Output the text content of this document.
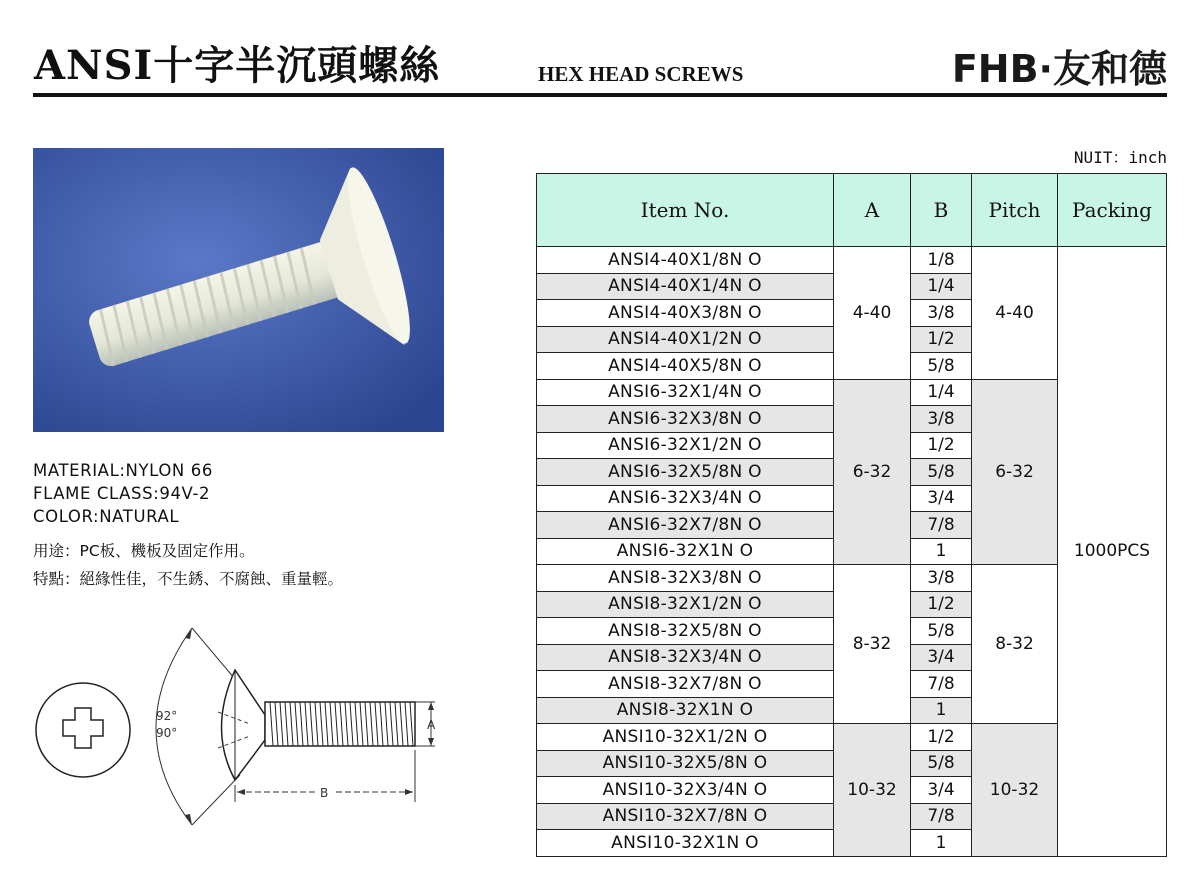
ANSI十字半沉頭螺絲	HEX HEAD SCREWS	FHB·友和德
MATERIAL:NYLON 66
FLAME CLASS:94V-2
COLOR:NATURAL
用途：PC板、機板及固定作用。
特點：絕緣性佳，不生銹、不腐蝕、重量輕。
92°
90°
A
B
NUIT：inch
Item No.	A	B	Pitch	Packing
ANSI4-40X1/8N O	4-40	1/8	4-40	1000PCS
ANSI4-40X1/4N O		1/4		
ANSI4-40X3/8N O		3/8		
ANSI4-40X1/2N O		1/2		
ANSI4-40X5/8N O		5/8		
ANSI6-32X1/4N O	6-32	1/4	6-32	
ANSI6-32X3/8N O		3/8		
ANSI6-32X1/2N O		1/2		
ANSI6-32X5/8N O		5/8		
ANSI6-32X3/4N O		3/4		
ANSI6-32X7/8N O		7/8		
ANSI6-32X1N O		1		
ANSI8-32X3/8N O	8-32	3/8	8-32	
ANSI8-32X1/2N O		1/2		
ANSI8-32X5/8N O		5/8		
ANSI8-32X3/4N O		3/4		
ANSI8-32X7/8N O		7/8		
ANSI8-32X1N O		1		
ANSI10-32X1/2N O	10-32	1/2	10-32	
ANSI10-32X5/8N O		5/8		
ANSI10-32X3/4N O		3/4		
ANSI10-32X7/8N O		7/8		
ANSI10-32X1N O		1		
